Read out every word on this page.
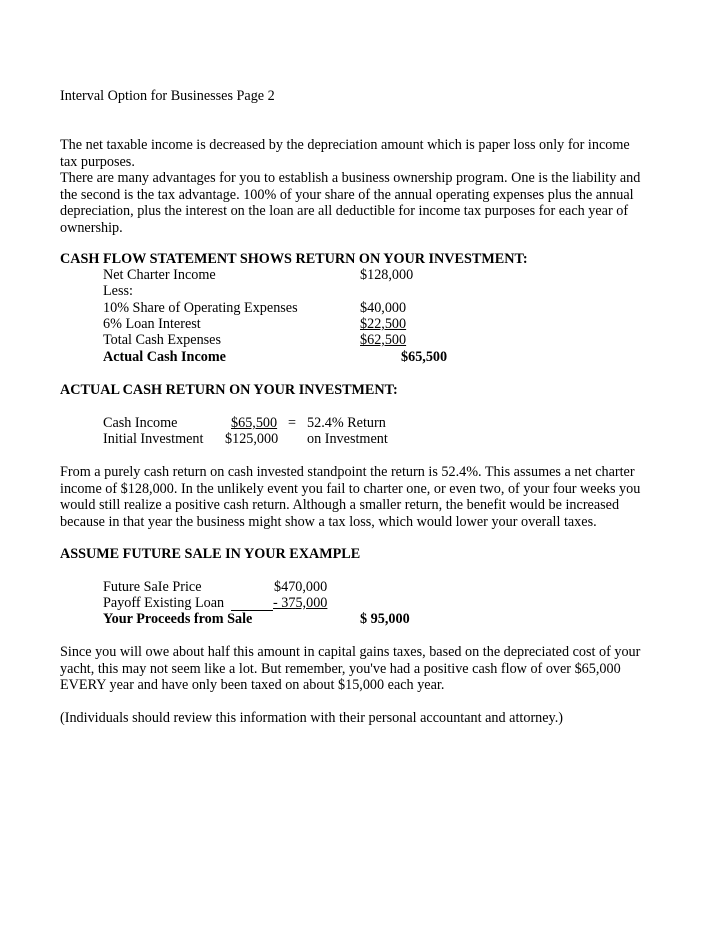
Interval Option for Businesses Page 2
The net taxable income is decreased by the depreciation amount which is paper loss only for income
tax purposes.
There are many advantages for you to establish a business ownership program. One is the liability and
the second is the tax advantage. 100% of your share of the annual operating expenses plus the annual
depreciation, plus the interest on the loan are all deductible for income tax purposes for each year of
ownership.
CASH FLOW STATEMENT SHOWS RETURN ON YOUR INVESTMENT:
Net Charter Income	$128,000
Less:
10% Share of Operating Expenses	$40,000
6% Loan Interest	$22,500
Total Cash Expenses	$62,500
Actual Cash Income	$65,500
ACTUAL CASH RETURN ON YOUR INVESTMENT:
Cash Income	$65,500 = 52.4% Return
Initial Investment $125,000 on Investment
From a purely cash return on cash invested standpoint the return is 52.4%. This assumes a net charter
income of $128,000. In the unlikely event you fail to charter one, or even two, of your four weeks you
would still realize a positive cash return. Although a smaller return, the benefit would be increased
because in that year the business might show a tax loss, which would lower your overall taxes.
ASSUME FUTURE SALE IN YOUR EXAMPLE
Future SaIe Price	$470,000
Payoff Existing Loan	- 375,000
Your Proceeds from Sale	$ 95,000
Since you will owe about half this amount in capital gains taxes, based on the depreciated cost of your
yacht, this may not seem like a lot. But remember, you've had a positive cash flow of over $65,000
EVERY year and have only been taxed on about $15,000 each year.
(Individuals should review this information with their personal accountant and attorney.)
